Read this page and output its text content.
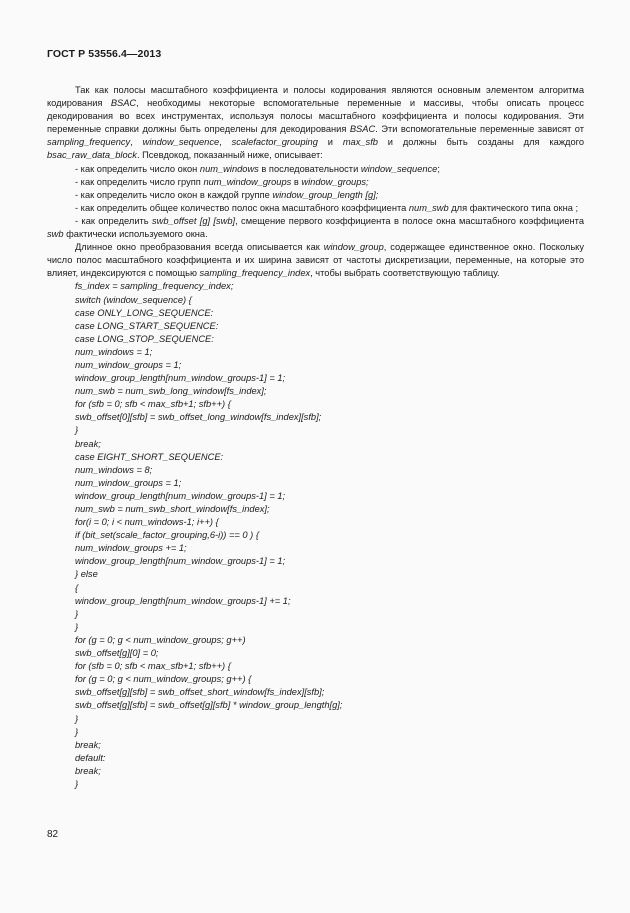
ГОСТ Р 53556.4—2013

Так как полосы масштабного коэффициента и полосы кодирования являются основным элементом алгоритма кодирования BSAC, необходимы некоторые вспомогательные переменные и массивы, чтобы описать процесс декодирования во всех инструментах, используя полосы масштабного коэффициента и полосы кодирования. Эти переменные справки должны быть определены для декодирования BSAC. Эти вспомогательные переменные зависят от sampling_frequency, window_sequence, scalefactor_grouping и max_sfb и должны быть созданы для каждого bsac_raw_data_block. Псевдокод, показанный ниже, описывает:

- как определить число окон num_windows в последовательности window_sequence;

- как определить число групп num_window_groups в window_groups;

- как определить число окон в каждой группе window_group_length [g];

- как определить общее количество полос окна масштабного коэффициента num_swb для фактического типа окна ;

- как определить swb_offset [g] [swb], смещение первого коэффициента в полосе окна масштабного коэффициента swb фактически используемого окна.

Длинное окно преобразования всегда описывается как window_group, содержащее единственное окно. Поскольку число полос масштабного коэффициента и их ширина зависят от частоты дискретизации, переменные, на которые это влияет, индексируются с помощью sampling_frequency_index, чтобы выбрать соответствующую таблицу.

fs_index = sampling_frequency_index;

switch (window_sequence) {

case ONLY_LONG_SEQUENCE:

case LONG_START_SEQUENCE:

case LONG_STOP_SEQUENCE:

num_windows = 1;

num_window_groups = 1;

window_group_length[num_window_groups-1] = 1;

num_swb = num_swb_long_window[fs_index];

for (sfb = 0; sfb < max_sfb+1; sfb++) {

swb_offset[0][sfb] = swb_offset_long_window[fs_index][sfb];

}

break;

case EIGHT_SHORT_SEQUENCE:

num_windows = 8;

num_window_groups = 1;

window_group_length[num_window_groups-1] = 1;

num_swb = num_swb_short_window[fs_index];

for(i = 0; i < num_windows-1; i++) {

if (bit_set(scale_factor_grouping,6-i)) == 0 ) {

num_window_groups += 1;

window_group_length[num_window_groups-1] = 1;

} else

{

window_group_length[num_window_groups-1] += 1;

}

}

for (g = 0; g < num_window_groups; g++)

swb_offset[g][0] = 0;

for (sfb = 0; sfb < max_sfb+1; sfb++) {

for (g = 0; g < num_window_groups; g++) {

swb_offset[g][sfb] = swb_offset_short_window[fs_index][sfb];

swb_offset[g][sfb] = swb_offset[g][sfb] * window_group_length[g];

}

}

break;

default:

break;

}

82
